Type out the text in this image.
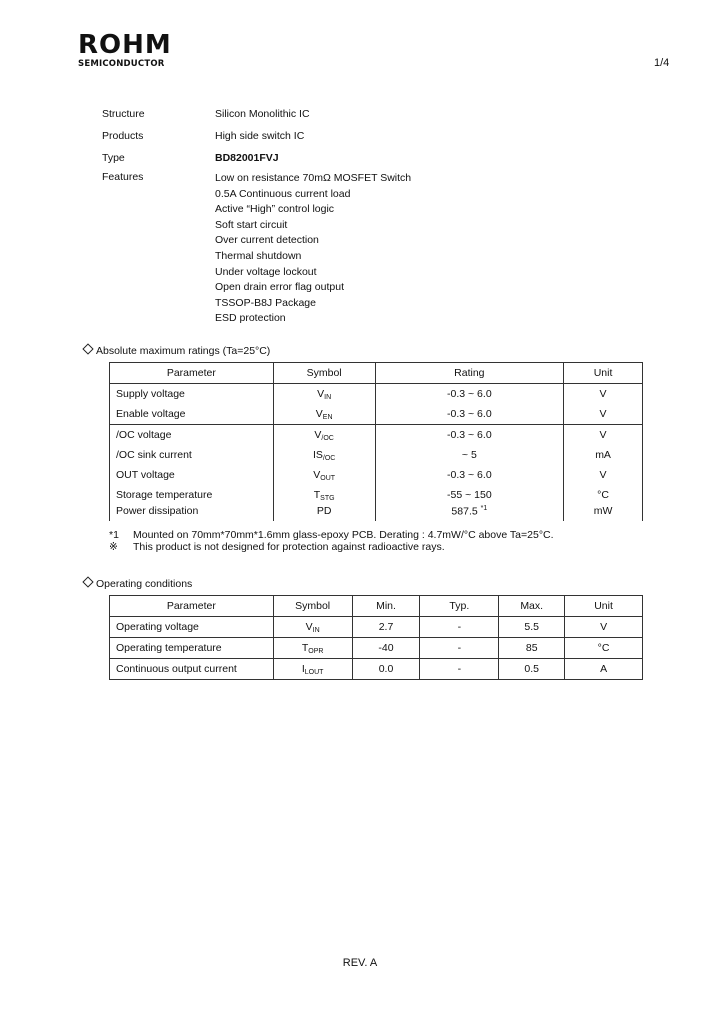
ROHM
SEMICONDUCTOR	1/4
Structure	Silicon Monolithic IC
Products	High side switch IC
Type	BD82001FVJ
Features	Low on resistance 70mΩ MOSFET Switch
0.5A Continuous current load
Active “High” control logic
Soft start circuit
Over current detection
Thermal shutdown
Under voltage lockout
Open drain error flag output
TSSOP-B8J Package
ESD protection
Absolute maximum ratings (Ta=25°C)
Parameter	Symbol	Rating	Unit
Supply voltage	$V_{IN}$	-0.3 ~ 6.0	V
Enable voltage	$V_{EN}$	-0.3 ~ 6.0	V
/OC voltage	$V_{/OC}$	-0.3 ~ 6.0	V
/OC sink current	$IS_{/OC}$	~ 5	mA
OUT voltage	$V_{OUT}$	-0.3 ~ 6.0	V
Storage temperature	$T_{STG}$	-55 ~ 150	°C
Power dissipation	PD	587.5 $^{*1}$	mW
*1 Mounted on 70mm*70mm*1.6mm glass-epoxy PCB. Derating : 4.7mW/°C above Ta=25°C.
※ This product is not designed for protection against radioactive rays.
Operating conditions
Parameter	Symbol	Min.	Typ.	Max.	Unit
Operating voltage	$V_{IN}$	2.7	-	5.5	V
Operating temperature	$T_{OPR}$	-40	-	85	°C
Continuous output current	$I_{LOUT}$	0.0	-	0.5	A
REV. A
